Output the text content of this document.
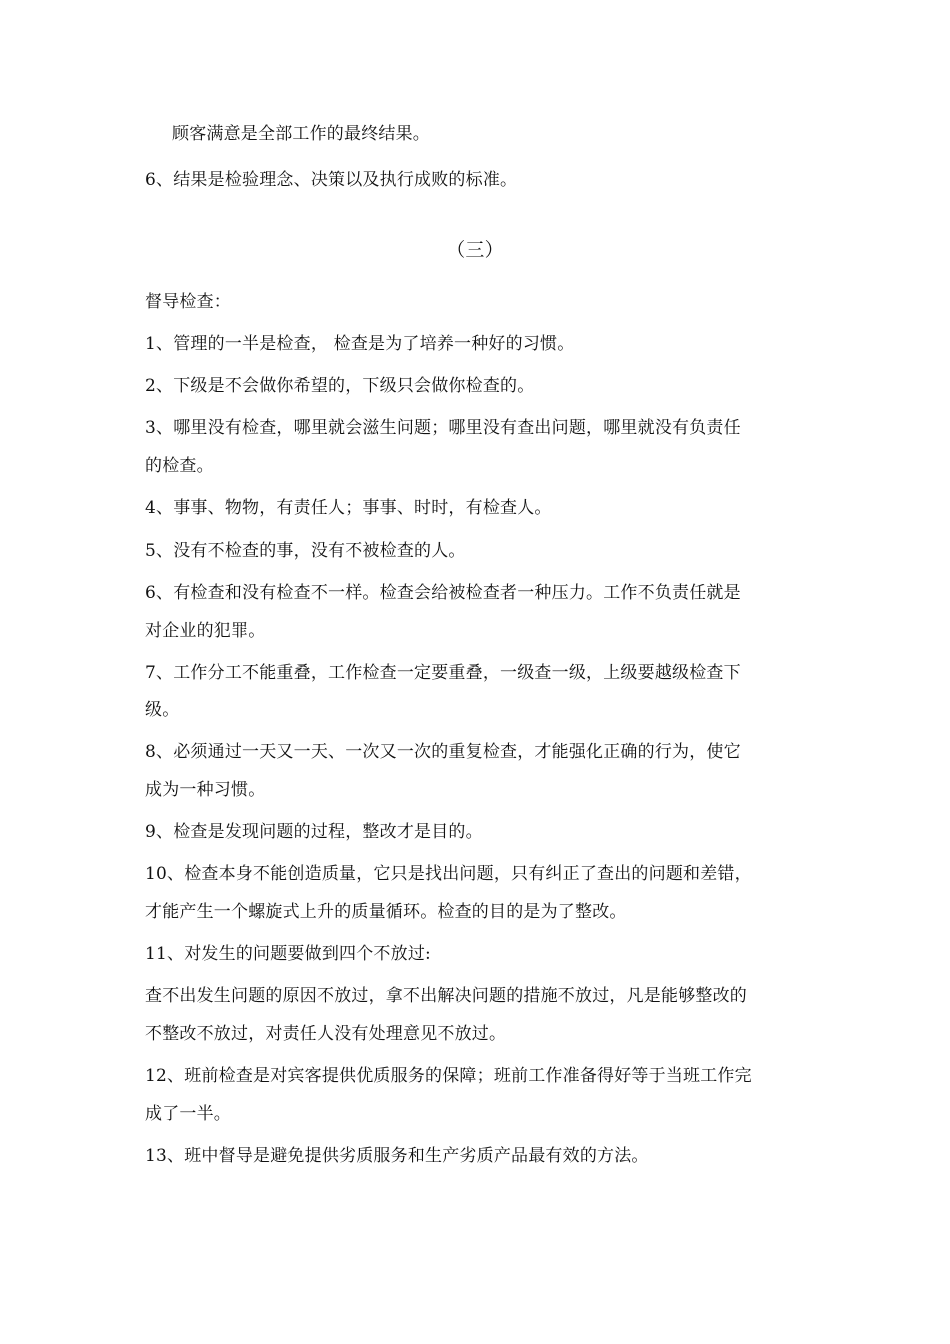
顾客满意是全部工作的最终结果。
6、结果是检验理念、决策以及执行成败的标准。
（三）
督导检查：
1、管理的一半是检查， 检查是为了培养一种好的习惯。
2、下级是不会做你希望的，下级只会做你检查的。
3、哪里没有检查，哪里就会滋生问题；哪里没有查出问题，哪里就没有负责任
的检查。
4、事事、物物，有责任人；事事、时时，有检查人。
5、没有不检查的事，没有不被检查的人。
6、有检查和没有检查不一样。检查会给被检查者一种压力。工作不负责任就是
对企业的犯罪。
7、工作分工不能重叠，工作检查一定要重叠，一级查一级，上级要越级检查下
级。
8、必须通过一天又一天、一次又一次的重复检查，才能强化正确的行为，使它
成为一种习惯。
9、检查是发现问题的过程，整改才是目的。
10、检查本身不能创造质量，它只是找出问题，只有纠正了查出的问题和差错，
才能产生一个螺旋式上升的质量循环。检查的目的是为了整改。
11、对发生的问题要做到四个不放过:
查不出发生问题的原因不放过，拿不出解决问题的措施不放过，凡是能够整改的
不整改不放过，对责任人没有处理意见不放过。
12、班前检查是对宾客提供优质服务的保障；班前工作准备得好等于当班工作完
成了一半。
13、班中督导是避免提供劣质服务和生产劣质产品最有效的方法。
